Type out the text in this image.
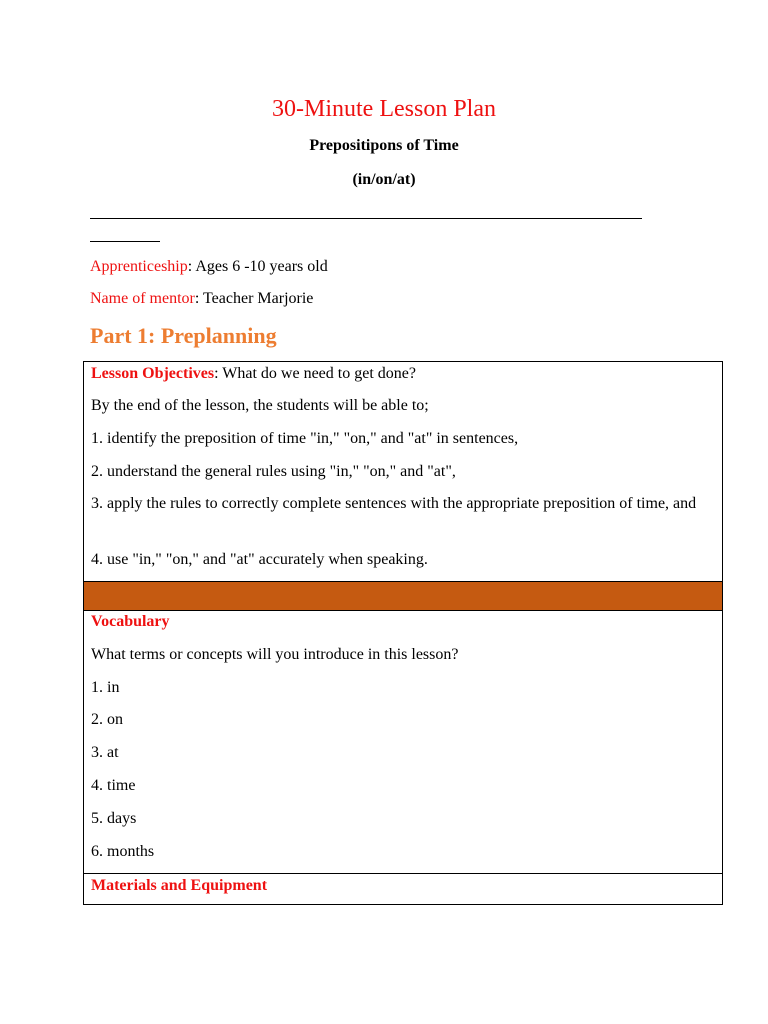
30-Minute Lesson Plan
Prepositipons of Time
(in/on/at)
Apprenticeship: Ages 6 -10 years old
Name of mentor: Teacher Marjorie
Part 1: Preplanning
Lesson Objectives: What do we need to get done?
By the end of the lesson, the students will be able to;
1. identify the preposition of time "in," "on," and "at" in sentences,
2. understand the general rules using "in," "on," and "at",
3. apply the rules to correctly complete sentences with the appropriate preposition of time, and
4. use "in," "on," and "at" accurately when speaking.
Vocabulary
What terms or concepts will you introduce in this lesson?
1. in
2. on
3. at
4. time
5. days
6. months
Materials and Equipment
